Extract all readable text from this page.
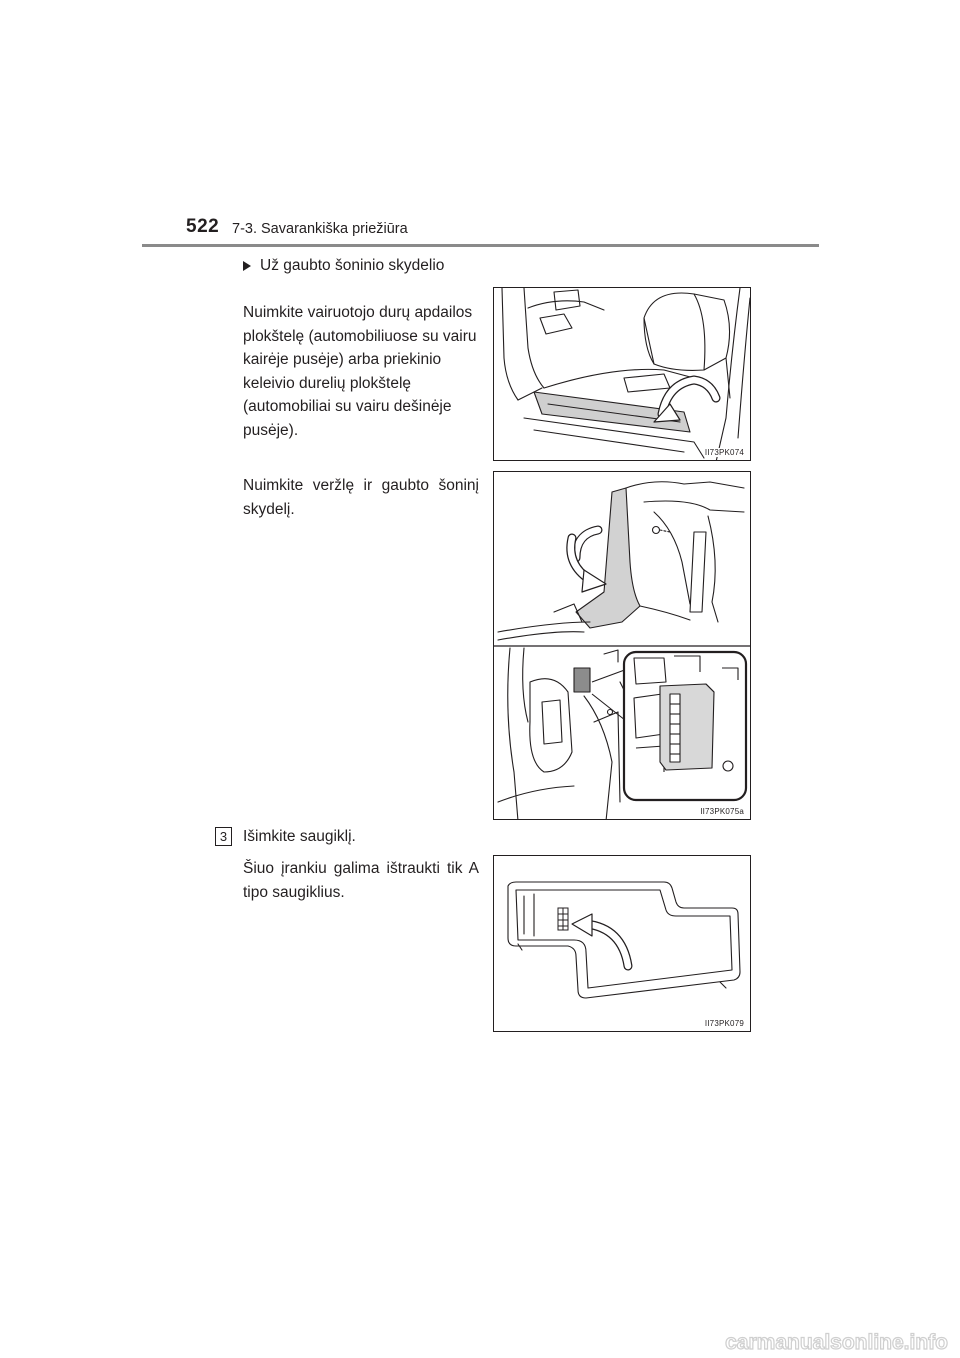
522 7-3. Savarankiška priežiūra
Už gaubto šoninio skydelio
Nuimkite vairuotojo durų apdailos plokštelę (automobiliuose su vairu kairėje pusėje) arba priekinio keleivio durelių plokštelę (automobiliai su vairu dešinėje pusėje).
Nuimkite veržlę ir gaubto šoninį skydelį.
3	Išimkite saugiklį.
Šiuo įrankiu galima ištraukti tik A tipo saugiklius.
II73PK074
II73PK075a
II73PK079
carmanualsonline.info
